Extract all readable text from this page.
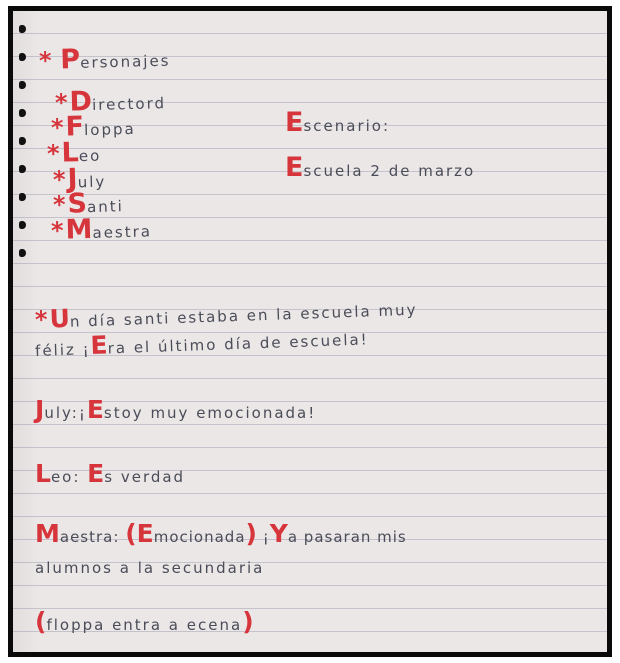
* Personajes
*Directord
*Floppa
*Leo
*July
*Santi
*Maestra
Escenario:
Escuela 2 de marzo
*Un día santi estaba en la escuela muy
féliz ¡Era el último día de escuela!
July:¡Estoy muy emocionada!
Leo: Es verdad
Maestra: (Emocionada) ¡Ya pasaran mis
alumnos a la secundaria
(floppa entra a ecena)
